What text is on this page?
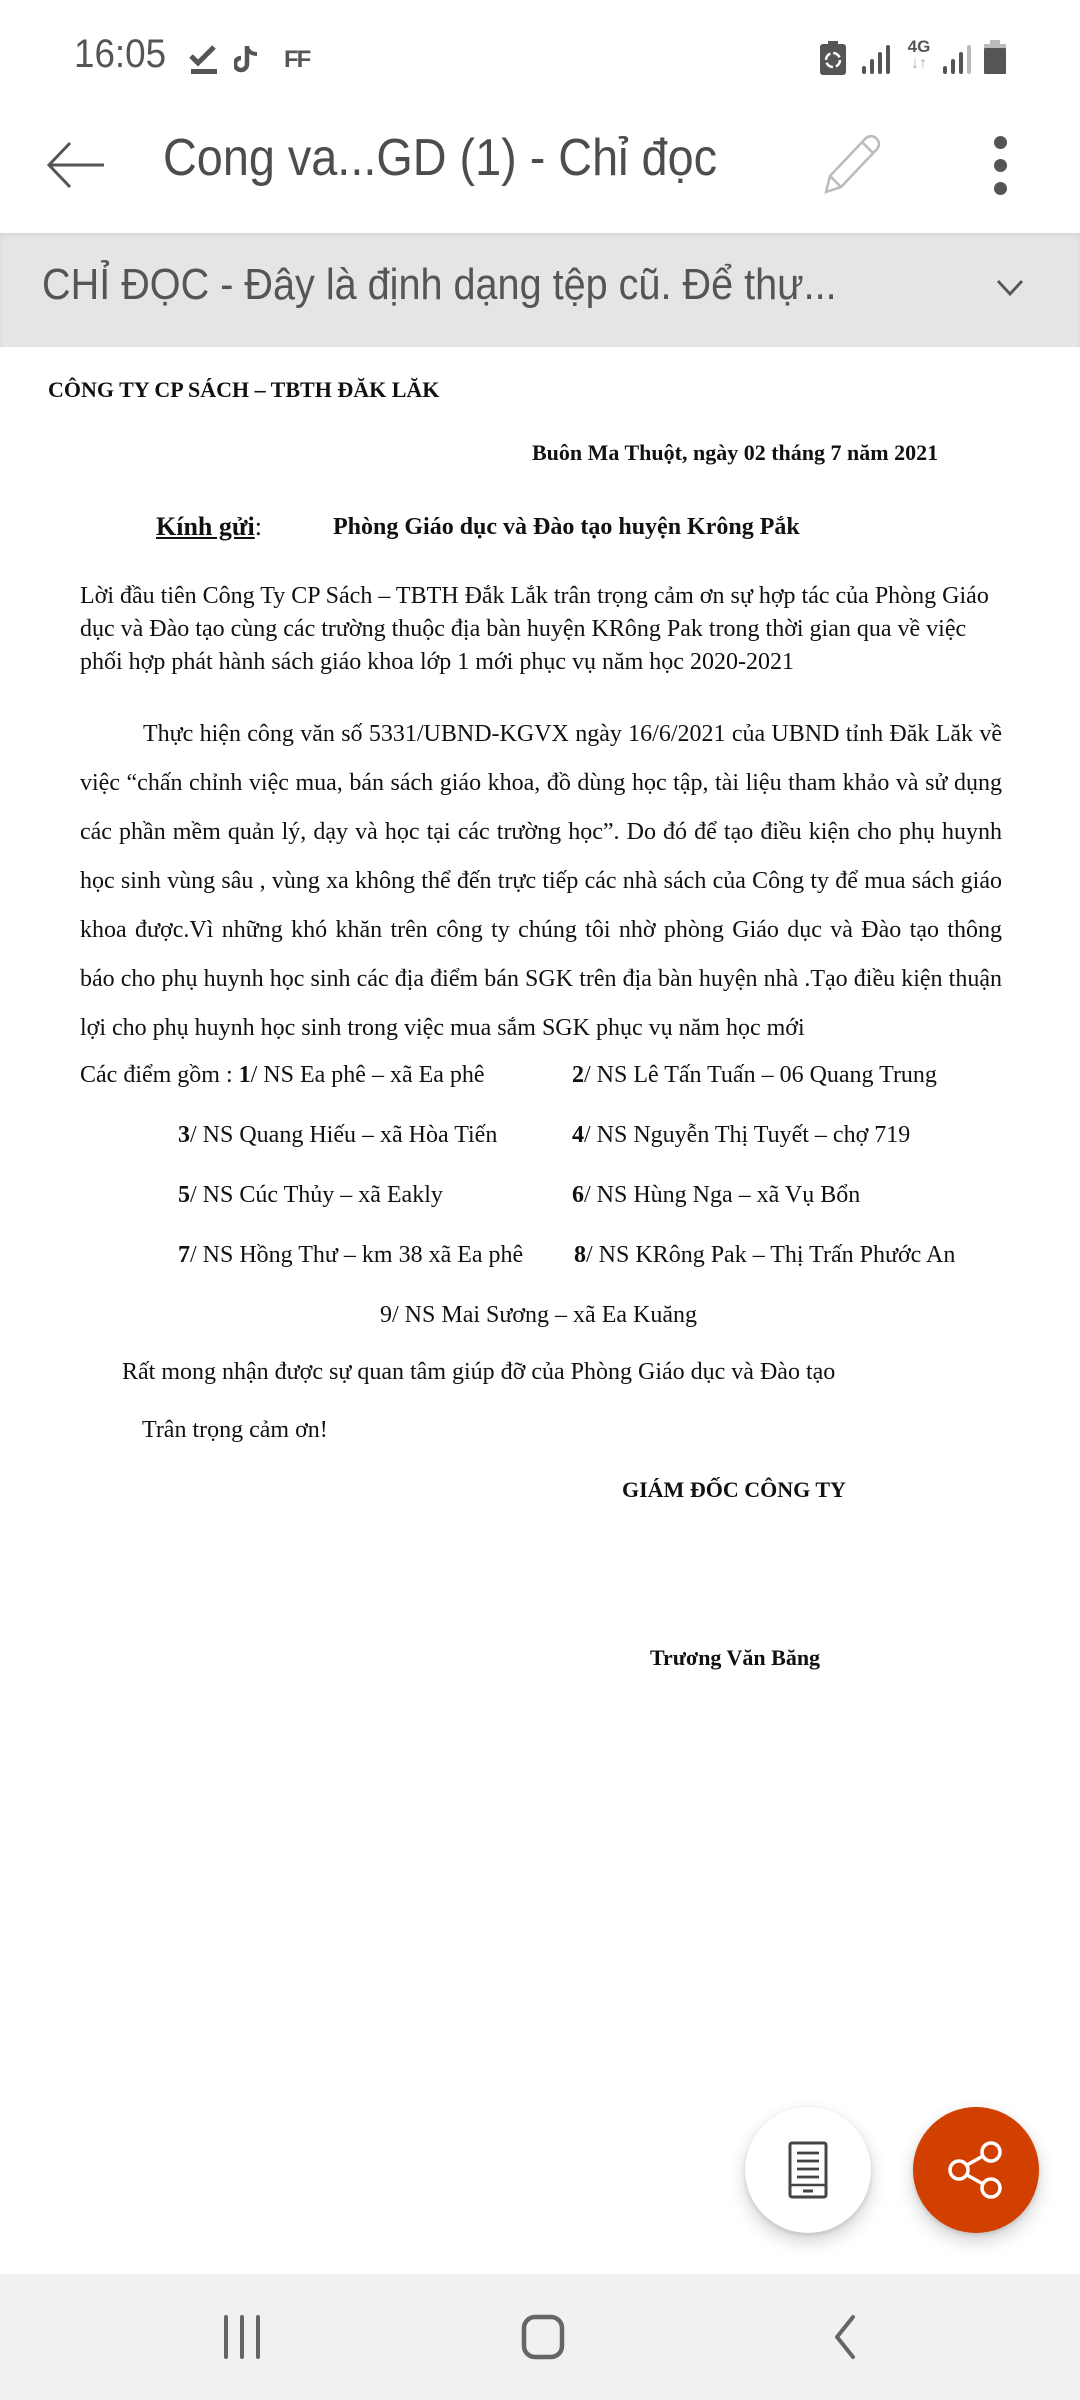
16:05	FF	4G
↓↑
Cong va...GD (1) - Chỉ đọc
CHỈ ĐỌC - Đây là định dạng tệp cũ. Để thự...

CÔNG TY CP SÁCH – TBTH ĐĂK LĂK

Buôn Ma Thuột, ngày 02 tháng 7 năm 2021

Kính gửi:	Phòng Giáo dục và Đào tạo huyện Krông Pắk

Lời đầu tiên Công Ty CP Sách – TBTH Đắk Lắk trân trọng cảm ơn sự hợp tác của Phòng Giáo dục và Đào tạo cùng các trường thuộc địa bàn huyện KRông Pak trong thời gian qua về việc phối hợp phát hành sách giáo khoa lớp 1 mới phục vụ năm học 2020-2021

Thực hiện công văn số 5331/UBND-KGVX ngày 16/6/2021 của UBND tỉnh Đăk Lăk về việc “chấn chỉnh việc mua, bán sách giáo khoa, đồ dùng học tập, tài liệu tham khảo và sử dụng các phần mềm quản lý, dạy và học tại các trường học”. Do đó để tạo điều kiện cho phụ huynh học sinh vùng sâu , vùng xa không thể đến trực tiếp các nhà sách của Công ty để mua sách giáo khoa được.Vì những khó khăn trên công ty chúng tôi nhờ phòng Giáo dục và Đào tạo thông báo cho phụ huynh học sinh các địa điểm bán SGK trên địa bàn huyện nhà .Tạo điều kiện thuận lợi cho phụ huynh học sinh trong việc mua sắm SGK phục vụ năm học mới

Các điểm gồm : 1/ NS Ea phê – xã Ea phê	2/ NS Lê Tấn Tuấn – 06 Quang Trung
3/ NS Quang Hiếu – xã Hòa Tiến	4/ NS Nguyễn Thị Tuyết – chợ 719
5/ NS Cúc Thủy – xã Eakly	6/ NS Hùng Nga – xã Vụ Bổn
7/ NS Hồng Thư – km 38 xã Ea phê 8/ NS KRông Pak – Thị Trấn Phước An
9/ NS Mai Sương – xã Ea Kuăng

Rất mong nhận được sự quan tâm giúp đỡ của Phòng Giáo dục và Đào tạo

Trân trọng cảm ơn!

GIÁM ĐỐC CÔNG TY

Trương Văn Băng
